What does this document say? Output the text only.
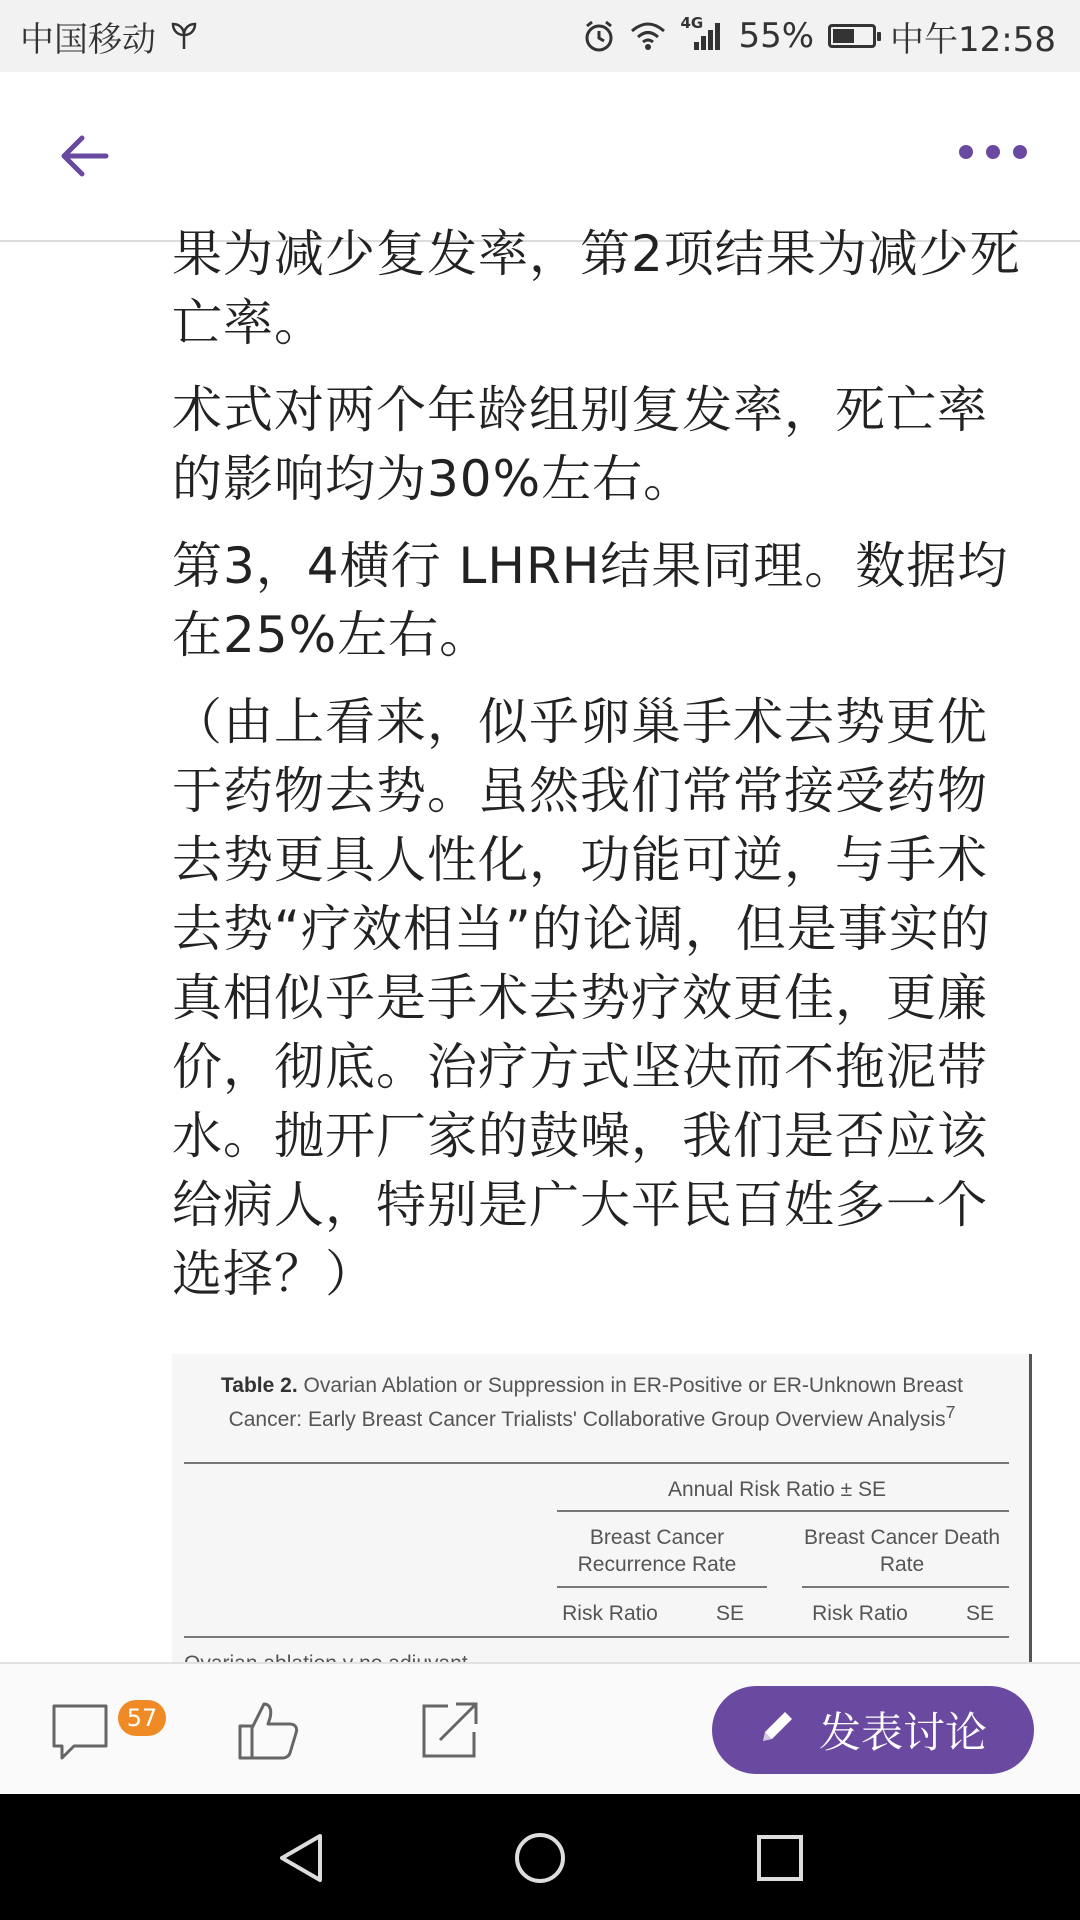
中国移动	4G 55% 中午12:58

果为减少复发率，第2项结果为减少死亡率。

术式对两个年龄组别复发率，死亡率的影响均为30%左右。

第3，4横行 LHRH结果同理。数据均在25%左右。

（由上看来，似乎卵巢手术去势更优于药物去势。虽然我们常常接受药物去势更具人性化，功能可逆，与手术去势“疗效相当”的论调，但是事实的真相似乎是手术去势疗效更佳，更廉价，彻底。治疗方式坚决而不拖泥带水。抛开厂家的鼓噪，我们是否应该给病人，特别是广大平民百姓多一个选择？）

Table 2. Ovarian Ablation or Suppression in ER-Positive or ER-Unknown Breast Cancer: Early Breast Cancer Trialists' Collaborative Group Overview Analysis$^7$
Annual Risk Ratio ± SE
Breast Cancer Recurrence Rate
Breast Cancer Death Rate
Risk Ratio	SE	Risk Ratio	SE
57	发表讨论
